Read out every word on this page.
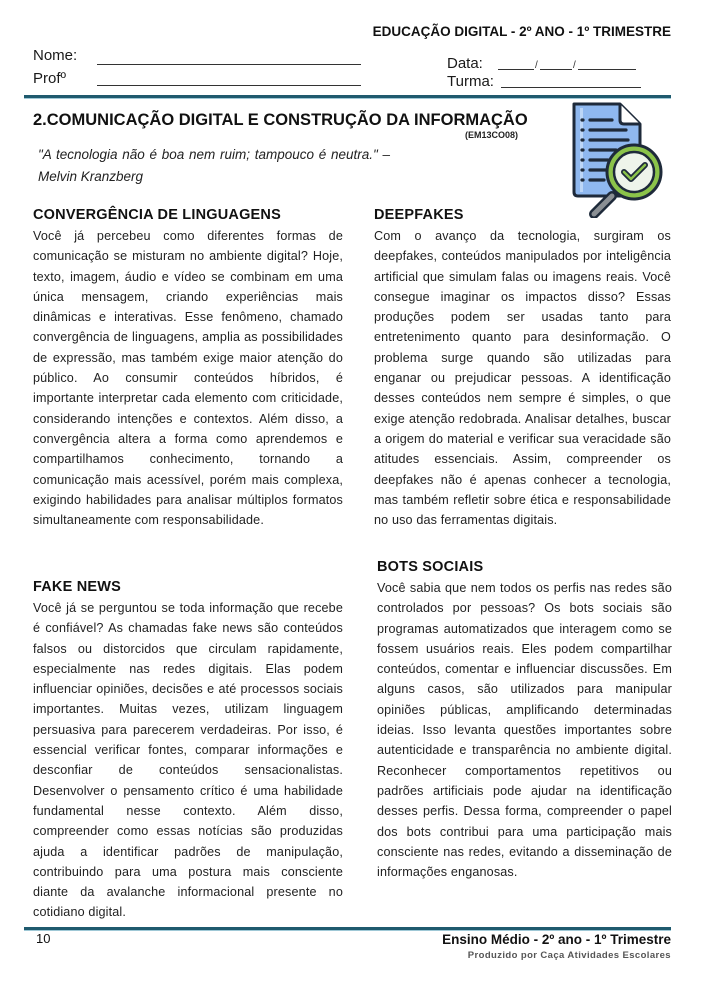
EDUCAÇÃO DIGITAL - 2º ANO - 1º TRIMESTRE
Nome:
Profº
Data:	/	/
Turma:
2.COMUNICAÇÃO DIGITAL E CONSTRUÇÃO DA INFORMAÇÃO
(EM13CO08)
"A tecnologia não é boa nem ruim; tampouco é neutra." – Melvin Kranzberg
CONVERGÊNCIA DE LINGUAGENS

Você já percebeu como diferentes formas de comunicação se misturam no ambiente digital? Hoje, texto, imagem, áudio e vídeo se combinam em uma única mensagem, criando experiências mais dinâmicas e interativas. Esse fenômeno, chamado convergência de linguagens, amplia as possibilidades de expressão, mas também exige maior atenção do público. Ao consumir conteúdos híbridos, é importante interpretar cada elemento com criticidade, considerando intenções e contextos. Além disso, a convergência altera a forma como aprendemos e compartilhamos conhecimento, tornando a comunicação mais acessível, porém mais complexa, exigindo habilidades para analisar múltiplos formatos simultaneamente com responsabilidade.

FAKE NEWS

Você já se perguntou se toda informação que recebe é confiável? As chamadas fake news são conteúdos falsos ou distorcidos que circulam rapidamente, especialmente nas redes digitais. Elas podem influenciar opiniões, decisões e até processos sociais importantes. Muitas vezes, utilizam linguagem persuasiva para parecerem verdadeiras. Por isso, é essencial verificar fontes, comparar informações e desconfiar de conteúdos sensacionalistas. Desenvolver o pensamento crítico é uma habilidade fundamental nesse contexto. Além disso, compreender como essas notícias são produzidas ajuda a identificar padrões de manipulação, contribuindo para uma postura mais consciente diante da avalanche informacional presente no cotidiano digital.

DEEPFAKES

Com o avanço da tecnologia, surgiram os deepfakes, conteúdos manipulados por inteligência artificial que simulam falas ou imagens reais. Você consegue imaginar os impactos disso? Essas produções podem ser usadas tanto para entretenimento quanto para desinformação. O problema surge quando são utilizadas para enganar ou prejudicar pessoas. A identificação desses conteúdos nem sempre é simples, o que exige atenção redobrada. Analisar detalhes, buscar a origem do material e verificar sua veracidade são atitudes essenciais. Assim, compreender os deepfakes não é apenas conhecer a tecnologia, mas também refletir sobre ética e responsabilidade no uso das ferramentas digitais.

BOTS SOCIAIS

Você sabia que nem todos os perfis nas redes são controlados por pessoas? Os bots sociais são programas automatizados que interagem como se fossem usuários reais. Eles podem compartilhar conteúdos, comentar e influenciar discussões. Em alguns casos, são utilizados para manipular opiniões públicas, amplificando determinadas ideias. Isso levanta questões importantes sobre autenticidade e transparência no ambiente digital. Reconhecer comportamentos repetitivos ou padrões artificiais pode ajudar na identificação desses perfis. Dessa forma, compreender o papel dos bots contribui para uma participação mais consciente nas redes, evitando a disseminação de informações enganosas.

10	Ensino Médio - 2º ano - 1º Trimestre
Produzido por Caça Atividades Escolares
